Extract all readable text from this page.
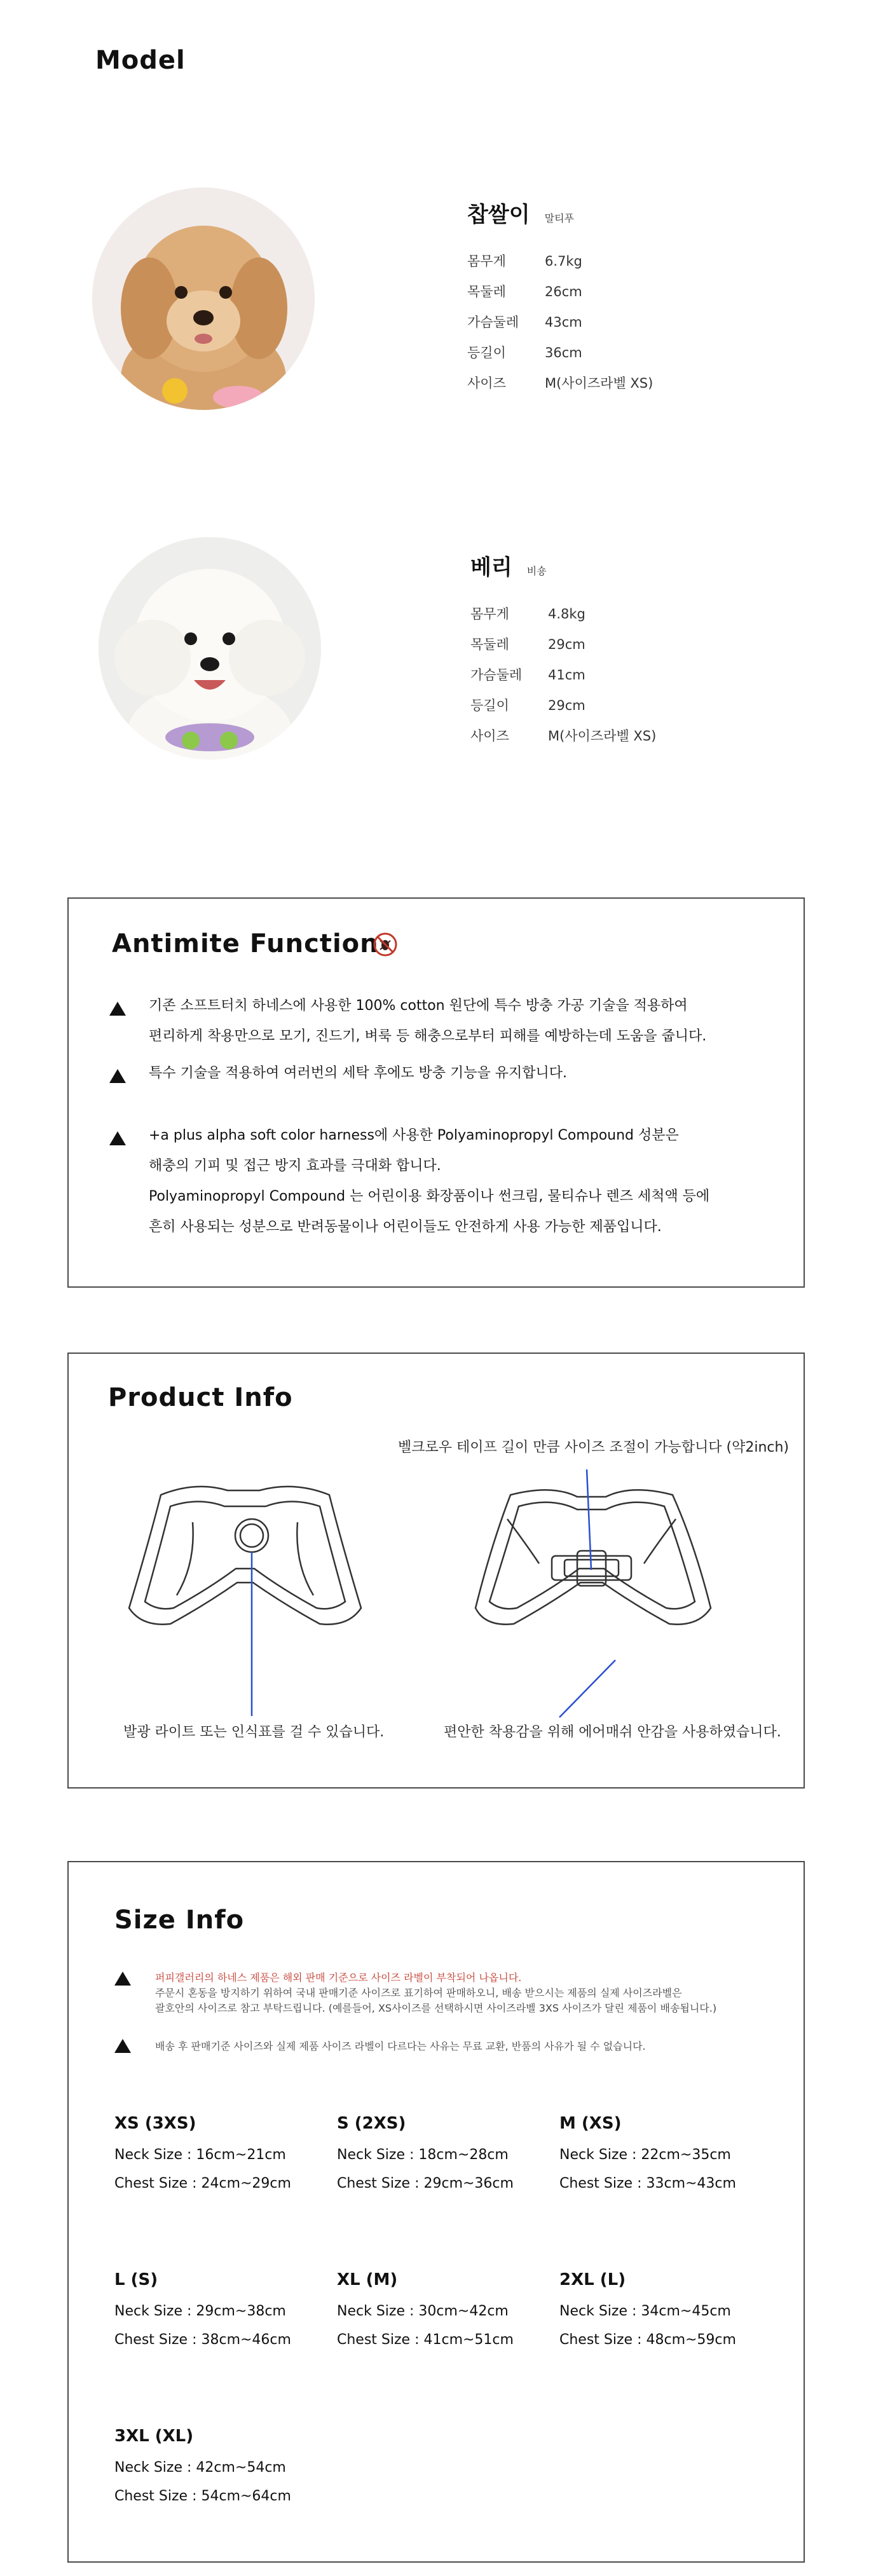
Model
찹쌀이 말티푸
몸무게	6.7kg
목둘레	26cm
가슴둘레 43cm
등길이	36cm
사이즈	M(사이즈라벨 XS)
베리 비숑
몸무게	4.8kg
목둘레	29cm
가슴둘레 41cm
등길이	29cm
사이즈	M(사이즈라벨 XS)
Antimite Function
기존 소프트터치 하네스에 사용한 100% cotton 원단에 특수 방충 가공 기술을 적용하여
편리하게 착용만으로 모기, 진드기, 벼룩 등 해충으로부터 피해를 예방하는데 도움을 줍니다.
특수 기술을 적용하여 여러번의 세탁 후에도 방충 기능을 유지합니다.
+a plus alpha soft color harness에 사용한 Polyaminopropyl Compound 성분은
해충의 기피 및 접근 방지 효과를 극대화 합니다.
Polyaminopropyl Compound 는 어린이용 화장품이나 썬크림, 물티슈나 렌즈 세척액 등에
흔히 사용되는 성분으로 반려동물이나 어린이들도 안전하게 사용 가능한 제품입니다.
Product Info
벨크로우 테이프 길이 만큼 사이즈 조절이 가능합니다 (약2inch)
발광 라이트 또는 인식표를 걸 수 있습니다.	편안한 착용감을 위해 에어매쉬 안감을 사용하였습니다.
Size Info
퍼피갤러리의 하네스 제품은 해외 판매 기준으로 사이즈 라벨이 부착되어 나옵니다.
주문시 혼동을 방지하기 위하여 국내 판매기준 사이즈로 표기하여 판매하오니, 배송 받으시는 제품의 실제 사이즈라벨은
괄호안의 사이즈로 참고 부탁드립니다. (예를들어, XS사이즈를 선택하시면 사이즈라벨 3XS 사이즈가 달린 제품이 배송됩니다.)
배송 후 판매기준 사이즈와 실제 제품 사이즈 라벨이 다르다는 사유는 무료 교환, 반품의 사유가 될 수 없습니다.
XS (3XS)
Neck Size : 16cm~21cm
Chest Size : 24cm~29cm
S (2XS)
Neck Size : 18cm~28cm
Chest Size : 29cm~36cm
M (XS)
Neck Size : 22cm~35cm
Chest Size : 33cm~43cm
L (S)
Neck Size : 29cm~38cm
Chest Size : 38cm~46cm
XL (M)
Neck Size : 30cm~42cm
Chest Size : 41cm~51cm
2XL (L)
Neck Size : 34cm~45cm
Chest Size : 48cm~59cm
3XL (XL)
Neck Size : 42cm~54cm
Chest Size : 54cm~64cm
